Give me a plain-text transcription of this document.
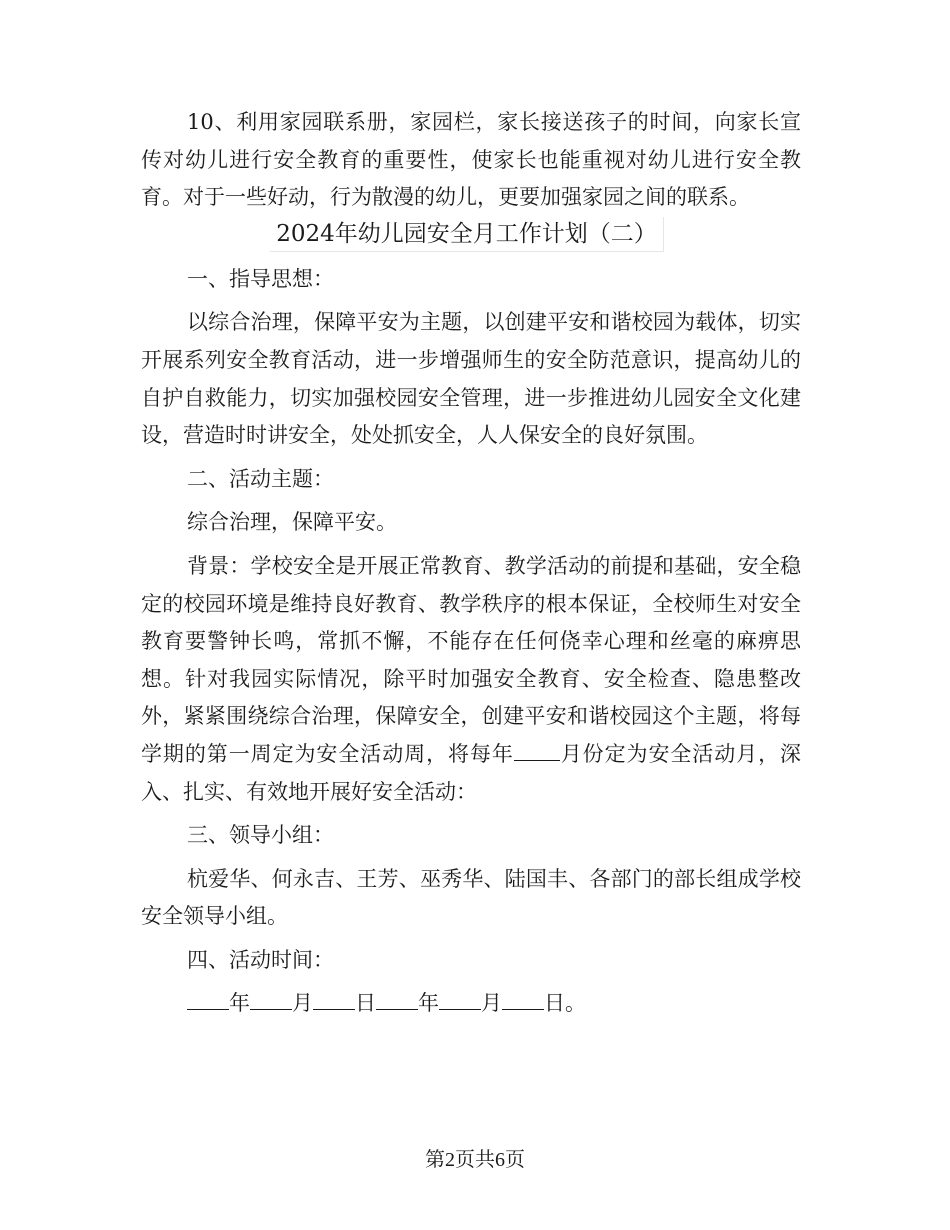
10、利用家园联系册，家园栏，家长接送孩子的时间，向家长宣传对幼儿进行安全教育的重要性，使家长也能重视对幼儿进行安全教育。对于一些好动，行为散漫的幼儿，更要加强家园之间的联系。

2024年幼儿园安全月工作计划（二）

一、指导思想：

以综合治理，保障平安为主题，以创建平安和谐校园为载体，切实开展系列安全教育活动，进一步增强师生的安全防范意识，提高幼儿的自护自救能力，切实加强校园安全管理，进一步推进幼儿园安全文化建设，营造时时讲安全，处处抓安全，人人保安全的良好氛围。

二、活动主题：

综合治理，保障平安。

背景：学校安全是开展正常教育、教学活动的前提和基础，安全稳定的校园环境是维持良好教育、教学秩序的根本保证，全校师生对安全教育要警钟长鸣，常抓不懈，不能存在任何侥幸心理和丝毫的麻痹思想。针对我园实际情况，除平时加强安全教育、安全检查、隐患整改外，紧紧围绕综合治理，保障安全，创建平安和谐校园这个主题，将每学期的第一周定为安全活动周，将每年 月份定为安全活动月，深入、扎实、有效地开展好安全活动：

三、领导小组：

杭爱华、何永吉、王芳、巫秀华、陆国丰、各部门的部长组成学校安全领导小组。

四、活动时间：

年 月 日 年 月 日。

第2页共6页
